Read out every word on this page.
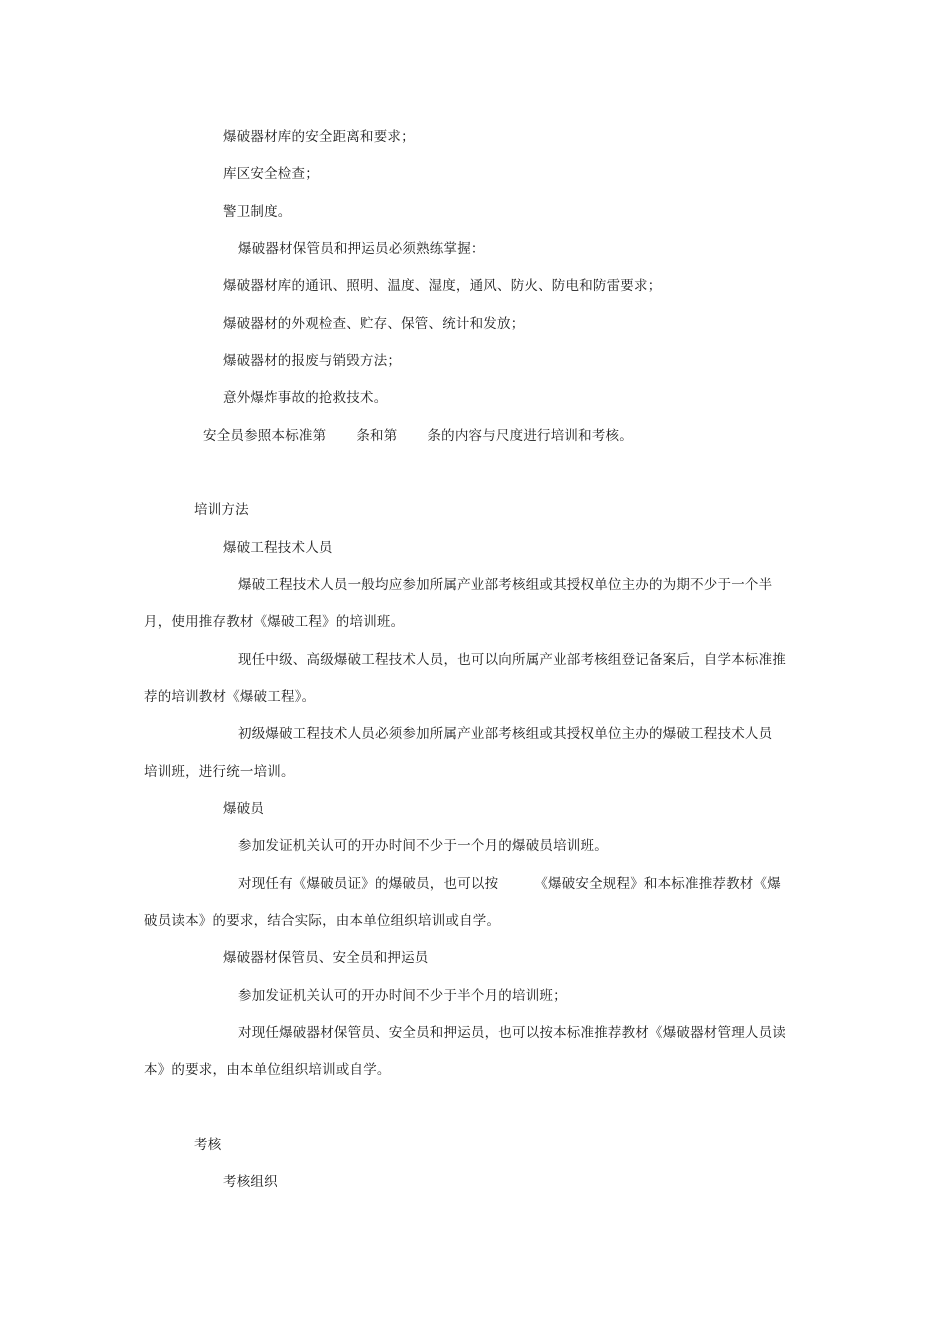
爆破器材库的安全距离和要求；
库区安全检查；
警卫制度。
爆破器材保管员和押运员必须熟练掌握：
爆破器材库的通讯、照明、温度、湿度，通风、防火、防电和防雷要求；
爆破器材的外观检查、贮存、保管、统计和发放；
爆破器材的报废与销毁方法；
意外爆炸事故的抢救技术。
安全员参照本标准第 条和第 条的内容与尺度进行培训和考核。
培训方法
爆破工程技术人员
爆破工程技术人员一般均应参加所属产业部考核组或其授权单位主办的为期不少于一个半
月，使用推存教材《爆破工程》的培训班。
现任中级、高级爆破工程技术人员，也可以向所属产业部考核组登记备案后，自学本标准推
荐的培训教材《爆破工程》。
初级爆破工程技术人员必须参加所属产业部考核组或其授权单位主办的爆破工程技术人员
培训班，进行统一培训。
爆破员
参加发证机关认可的开办时间不少于一个月的爆破员培训班。
对现任有《爆破员证》的爆破员，也可以按	《爆破安全规程》和本标准推荐教材《爆
破员读本》的要求，结合实际，由本单位组织培训或自学。
爆破器材保管员、安全员和押运员
参加发证机关认可的开办时间不少于半个月的培训班；
对现任爆破器材保管员、安全员和押运员，也可以按本标准推荐教材《爆破器材管理人员读
本》的要求，由本单位组织培训或自学。
考核
考核组织
